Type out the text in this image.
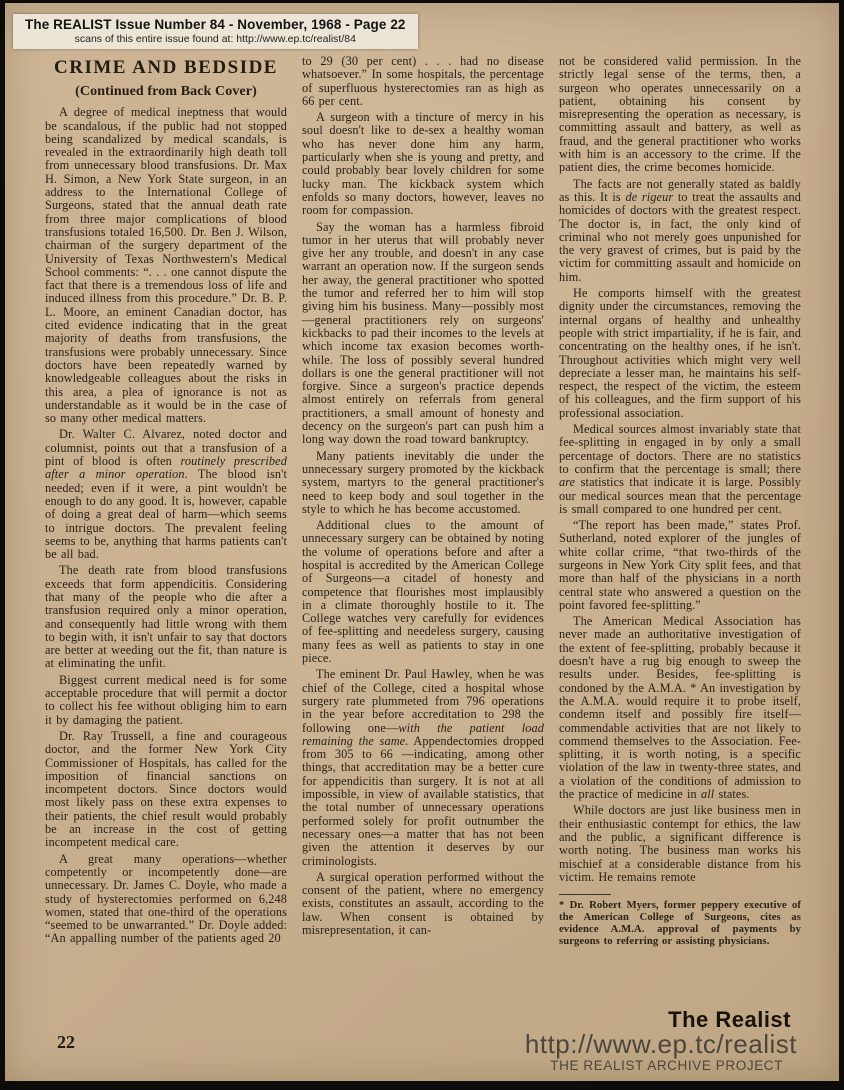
The REALIST Issue Number 84 - November, 1968 - Page 22
scans of this entire issue found at: http://www.ep.tc/realist/84
CRIME AND BEDSIDE
(Continued from Back Cover)

A degree of medical ineptness that would be scandalous, if the public had not stopped being scandalized by medical scandals, is revealed in the extraordinarily high death toll from unnecessary blood transfusions. Dr. Max H. Simon, a New York State surgeon, in an address to the International College of Surgeons, stated that the annual death rate from three major complications of blood transfusions totaled 16,500. Dr. Ben J. Wilson, chairman of the surgery department of the University of Texas Northwestern's Medical School comments: “. . . one cannot dispute the fact that there is a tremendous loss of life and induced illness from this procedure.” Dr. B. P. L. Moore, an eminent Canadian doctor, has cited evidence indicating that in the great majority of deaths from transfusions, the transfusions were probably unnecessary. Since doctors have been repeatedly warned by knowledgeable colleagues about the risks in this area, a plea of ignorance is not as understandable as it would be in the case of so many other medical matters.

Dr. Walter C. Alvarez, noted doctor and columnist, points out that a transfusion of a pint of blood is often routinely prescribed after a minor operation. The blood isn't needed; even if it were, a pint wouldn't be enough to do any good. It is, however, capable of doing a great deal of harm—which seems to intrigue doctors. The prevalent feeling seems to be, anything that harms patients can't be all bad.

The death rate from blood transfusions exceeds that form appendicitis. Considering that many of the people who die after a transfusion required only a minor operation, and consequently had little wrong with them to begin with, it isn't unfair to say that doctors are better at weeding out the fit, than nature is at eliminating the unfit.

Biggest current medical need is for some acceptable procedure that will permit a doctor to collect his fee without obliging him to earn it by damaging the patient.

Dr. Ray Trussell, a fine and courageous doctor, and the former New York City Commissioner of Hospitals, has called for the imposition of financial sanctions on incompetent doctors. Since doctors would most likely pass on these extra expenses to their patients, the chief result would probably be an increase in the cost of getting incompetent medical care.

A great many operations—whether competently or incompetently done—are unnecessary. Dr. James C. Doyle, who made a study of hysterectomies performed on 6,248 women, stated that one-third of the operations “seemed to be unwarranted.” Dr. Doyle added: “An appalling number of the patients aged 20

to 29 (30 per cent) . . . had no disease whatsoever.” In some hospitals, the percentage of superfluous hysterectomies ran as high as 66 per cent.

A surgeon with a tincture of mercy in his soul doesn't like to de-sex a healthy woman who has never done him any harm, particularly when she is young and pretty, and could probably bear lovely children for some lucky man. The kickback system which enfolds so many doctors, however, leaves no room for compassion.

Say the woman has a harmless fibroid tumor in her uterus that will probably never give her any trouble, and doesn't in any case warrant an operation now. If the surgeon sends her away, the general practitioner who spotted the tumor and referred her to him will stop giving him his business. Many—possibly most—general practitioners rely on surgeons' kickbacks to pad their incomes to the levels at which income tax exasion becomes worth-while. The loss of possibly several hundred dollars is one the general practitioner will not forgive. Since a surgeon's practice depends almost entirely on referrals from general practitioners, a small amount of honesty and decency on the surgeon's part can push him a long way down the road toward bankruptcy.

Many patients inevitably die under the unnecessary surgery promoted by the kickback system, martyrs to the general practitioner's need to keep body and soul together in the style to which he has become accustomed.

Additional clues to the amount of unnecessary surgery can be obtained by noting the volume of operations before and after a hospital is accredited by the American College of Surgeons—a citadel of honesty and competence that flourishes most implausibly in a climate thoroughly hostile to it. The College watches very carefully for evidences of fee-splitting and needeless surgery, causing many fees as well as patients to stay in one piece.

The eminent Dr. Paul Hawley, when he was chief of the College, cited a hospital whose surgery rate plummeted from 796 operations in the year before accreditation to 298 the following one—with the patient load remaining the same. Appendectomies dropped from 305 to 66 —indicating, among other things, that accreditation may be a better cure for appendicitis than surgery. It is not at all impossible, in view of available statistics, that the total number of unnecessary operations performed solely for profit outnumber the necessary ones—a matter that has not been given the attention it deserves by our criminologists.

A surgical operation performed without the consent of the patient, where no emergency exists, constitutes an assault, according to the law. When consent is obtained by misrepresentation, it can-

not be considered valid permission. In the strictly legal sense of the terms, then, a surgeon who operates unnecessarily on a patient, obtaining his consent by misrepresenting the operation as necessary, is committing assault and battery, as well as fraud, and the general practitioner who works with him is an accessory to the crime. If the patient dies, the crime becomes homicide.

The facts are not generally stated as baldly as this. It is de rigeur to treat the assaults and homicides of doctors with the greatest respect. The doctor is, in fact, the only kind of criminal who not merely goes unpunished for the very gravest of crimes, but is paid by the victim for committing assault and homicide on him.

He comports himself with the greatest dignity under the circumstances, removing the internal organs of healthy and unhealthy people with strict impartiality, if he is fair, and concentrating on the healthy ones, if he isn't. Throughout activities which might very well depreciate a lesser man, he maintains his self-respect, the respect of the victim, the esteem of his colleagues, and the firm support of his professional association.

Medical sources almost invariably state that fee-splitting in engaged in by only a small percentage of doctors. There are no statistics to confirm that the percentage is small; there are statistics that indicate it is large. Possibly our medical sources mean that the percentage is small compared to one hundred per cent.

“The report has been made,” states Prof. Sutherland, noted explorer of the jungles of white collar crime, “that two-thirds of the surgeons in New York City split fees, and that more than half of the physicians in a north central state who answered a question on the point favored fee-splitting.”

The American Medical Association has never made an authoritative investigation of the extent of fee-splitting, probably because it doesn't have a rug big enough to sweep the results under. Besides, fee-splitting is condoned by the A.M.A. * An investigation by the A.M.A. would require it to probe itself, condemn itself and possibly fire itself—commendable activities that are not likely to commend themselves to the Association. Fee-splitting, it is worth noting, is a specific violation of the law in twenty-three states, and a violation of the conditions of admission to the practice of medicine in all states.

While doctors are just like business men in their enthusiastic contempt for ethics, the law and the public, a significant difference is worth noting. The business man works his mischief at a considerable distance from his victim. He remains remote

* Dr. Robert Myers, former peppery executive of the American College of Surgeons, cites as evidence A.M.A. approval of payments by surgeons to referring or assisting physicians.

22
The Realist
http://www.ep.tc/realist
THE REALIST ARCHIVE PROJECT
